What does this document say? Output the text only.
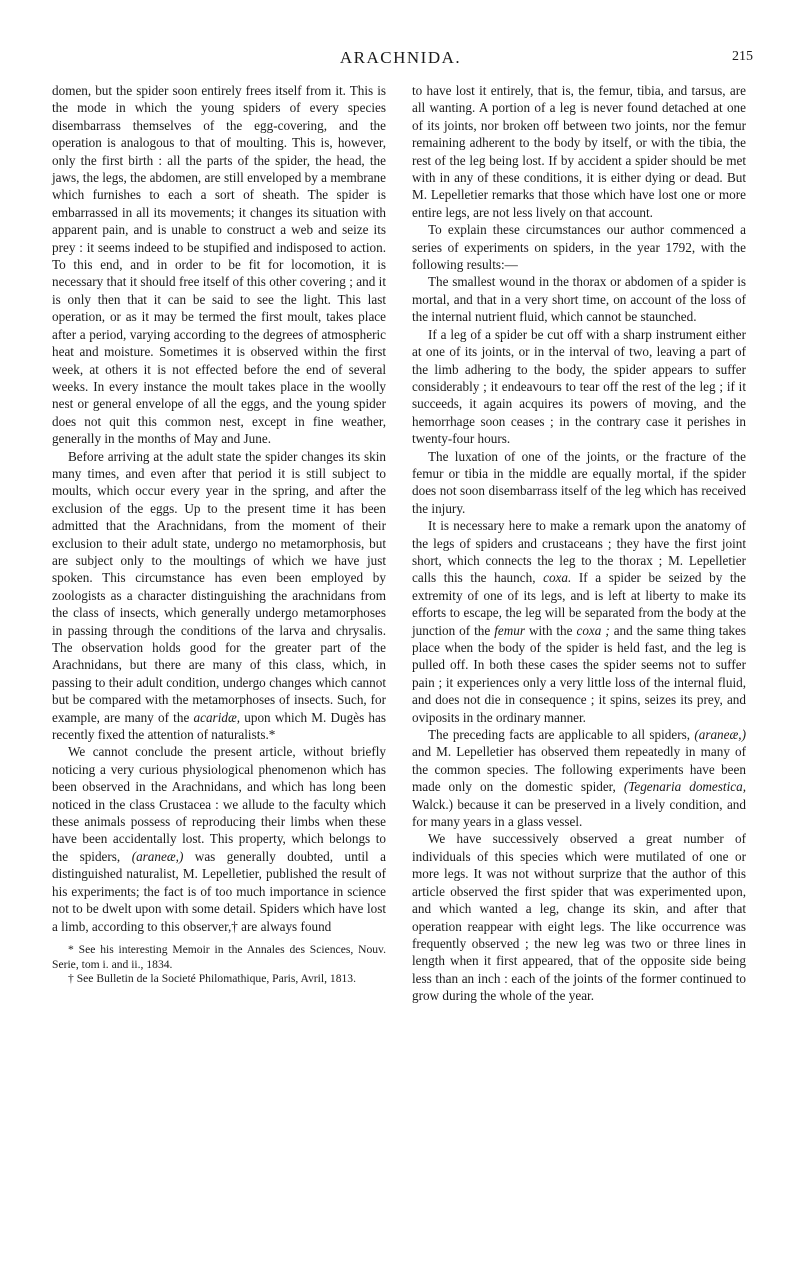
ARACHNIDA.	215

domen, but the spider soon entirely frees itself from it. This is the mode in which the young spiders of every species disembarrass themselves of the egg-covering, and the operation is analogous to that of moulting. This is, however, only the first birth : all the parts of the spider, the head, the jaws, the legs, the abdomen, are still enveloped by a membrane which furnishes to each a sort of sheath. The spider is embarrassed in all its movements; it changes its situation with apparent pain, and is unable to construct a web and seize its prey : it seems indeed to be stupified and indisposed to action. To this end, and in order to be fit for locomotion, it is necessary that it should free itself of this other covering ; and it is only then that it can be said to see the light. This last operation, or as it may be termed the first moult, takes place after a period, varying according to the degrees of atmospheric heat and moisture. Sometimes it is observed within the first week, at others it is not effected before the end of several weeks. In every instance the moult takes place in the woolly nest or general envelope of all the eggs, and the young spider does not quit this common nest, except in fine weather, generally in the months of May and June.

Before arriving at the adult state the spider changes its skin many times, and even after that period it is still subject to moults, which occur every year in the spring, and after the exclusion of the eggs. Up to the present time it has been admitted that the Arachnidans, from the moment of their exclusion to their adult state, undergo no metamorphosis, but are subject only to the moultings of which we have just spoken. This circumstance has even been employed by zoologists as a character distinguishing the arachnidans from the class of insects, which generally undergo metamorphoses in passing through the conditions of the larva and chrysalis. The observation holds good for the greater part of the Arachnidans, but there are many of this class, which, in passing to their adult condition, undergo changes which cannot but be compared with the metamorphoses of insects. Such, for example, are many of the acaridæ, upon which M. Dugès has recently fixed the attention of naturalists.*

We cannot conclude the present article, without briefly noticing a very curious physiological phenomenon which has been observed in the Arachnidans, and which has long been noticed in the class Crustacea : we allude to the faculty which these animals possess of reproducing their limbs when these have been accidentally lost. This property, which belongs to the spiders, (araneæ,) was generally doubted, until a distinguished naturalist, M. Lepelletier, published the result of his experiments; the fact is of too much importance in science not to be dwelt upon with some detail. Spiders which have lost a limb, according to this observer,† are always found

* See his interesting Memoir in the Annales des Sciences, Nouv. Serie, tom i. and ii., 1834.

† See Bulletin de la Societé Philomathique, Paris, Avril, 1813.

to have lost it entirely, that is, the femur, tibia, and tarsus, are all wanting. A portion of a leg is never found detached at one of its joints, nor broken off between two joints, nor the femur remaining adherent to the body by itself, or with the tibia, the rest of the leg being lost. If by accident a spider should be met with in any of these conditions, it is either dying or dead. But M. Lepelletier remarks that those which have lost one or more entire legs, are not less lively on that account.

To explain these circumstances our author commenced a series of experiments on spiders, in the year 1792, with the following results:—

The smallest wound in the thorax or abdomen of a spider is mortal, and that in a very short time, on account of the loss of the internal nutrient fluid, which cannot be staunched.

If a leg of a spider be cut off with a sharp instrument either at one of its joints, or in the interval of two, leaving a part of the limb adhering to the body, the spider appears to suffer considerably ; it endeavours to tear off the rest of the leg ; if it succeeds, it again acquires its powers of moving, and the hemorrhage soon ceases ; in the contrary case it perishes in twenty-four hours.

The luxation of one of the joints, or the fracture of the femur or tibia in the middle are equally mortal, if the spider does not soon disembarrass itself of the leg which has received the injury.

It is necessary here to make a remark upon the anatomy of the legs of spiders and crustaceans ; they have the first joint short, which connects the leg to the thorax ; M. Lepelletier calls this the haunch, coxa. If a spider be seized by the extremity of one of its legs, and is left at liberty to make its efforts to escape, the leg will be separated from the body at the junction of the femur with the coxa ; and the same thing takes place when the body of the spider is held fast, and the leg is pulled off. In both these cases the spider seems not to suffer pain ; it experiences only a very little loss of the internal fluid, and does not die in consequence ; it spins, seizes its prey, and oviposits in the ordinary manner.

The preceding facts are applicable to all spiders, (araneæ,) and M. Lepelletier has observed them repeatedly in many of the common species. The following experiments have been made only on the domestic spider, (Tegenaria domestica, Walck.) because it can be preserved in a lively condition, and for many years in a glass vessel.

We have successively observed a great number of individuals of this species which were mutilated of one or more legs. It was not without surprize that the author of this article observed the first spider that was experimented upon, and which wanted a leg, change its skin, and after that operation reappear with eight legs. The like occurrence was frequently observed ; the new leg was two or three lines in length when it first appeared, that of the opposite side being less than an inch : each of the joints of the former continued to grow during the whole of the year.
